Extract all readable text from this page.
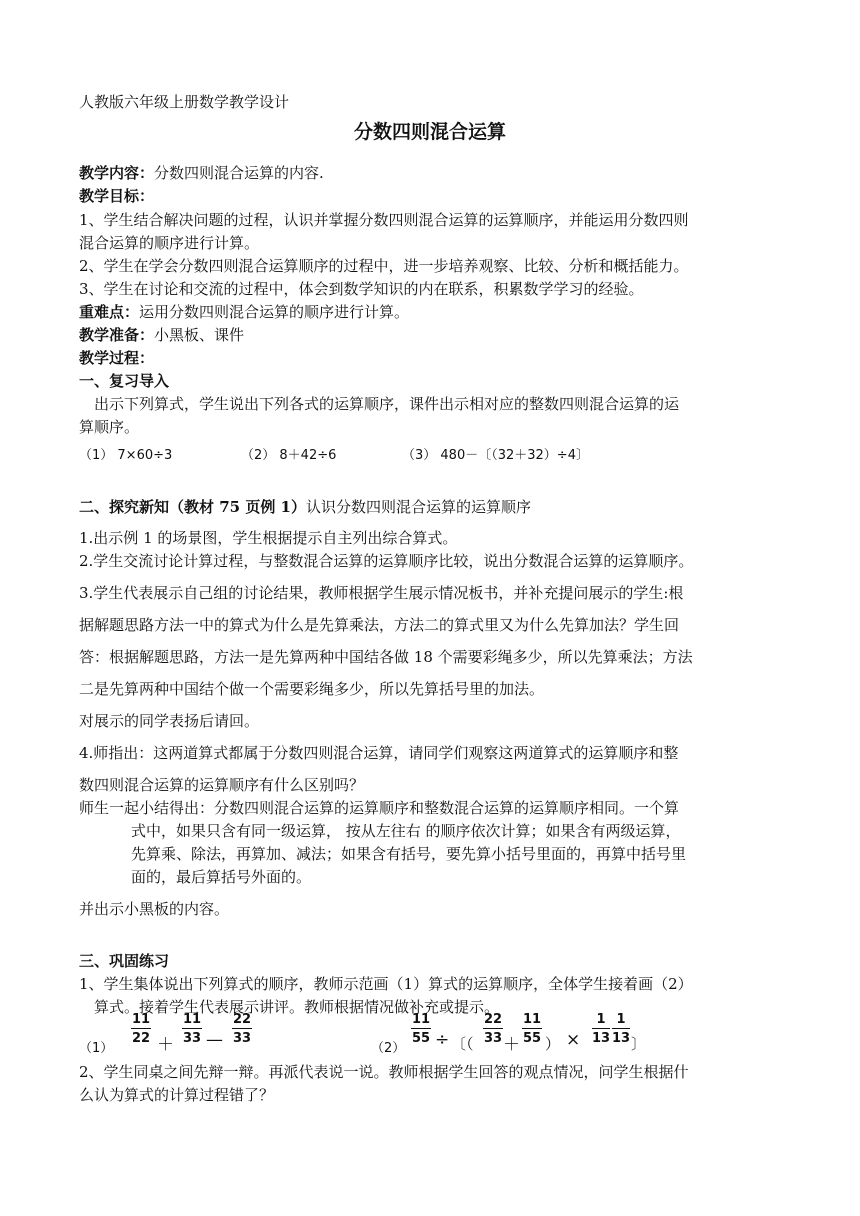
人教版六年级上册数学教学设计
分数四则混合运算
教学内容：分数四则混合运算的内容.
教学目标：
1、学生结合解决问题的过程，认识并掌握分数四则混合运算的运算顺序，并能运用分数四则
混合运算的顺序进行计算。
2、学生在学会分数四则混合运算顺序的过程中，进一步培养观察、比较、分析和概括能力。
3、学生在讨论和交流的过程中，体会到数学知识的内在联系，积累数学学习的经验。
重难点：运用分数四则混合运算的顺序进行计算。
教学准备：小黑板、课件
教学过程：
一、复习导入
出示下列算式，学生说出下列各式的运算顺序，课件出示相对应的整数四则混合运算的运
算顺序。
（1） 7×60÷3	（2） 8＋42÷6	（3） 480－〔（32＋32）÷4〕
二、探究新知（教材 75 页例 1）认识分数四则混合运算的运算顺序
1.出示例 1 的场景图，学生根据提示自主列出综合算式。
2.学生交流讨论计算过程，与整数混合运算的运算顺序比较，说出分数混合运算的运算顺序。
3.学生代表展示自己组的讨论结果，教师根据学生展示情况板书，并补充提问展示的学生:根
据解题思路方法一中的算式为什么是先算乘法，方法二的算式里又为什么先算加法？学生回
答：根据解题思路，方法一是先算两种中国结各做 18 个需要彩绳多少，所以先算乘法；方法
二是先算两种中国结个做一个需要彩绳多少，所以先算括号里的加法。
对展示的同学表扬后请回。
4.师指出：这两道算式都属于分数四则混合运算，请同学们观察这两道算式的运算顺序和整
数四则混合运算的运算顺序有什么区别吗？
师生一起小结得出：分数四则混合运算的运算顺序和整数混合运算的运算顺序相同。一个算
式中，如果只含有同一级运算， 按从左往右 的顺序依次计算；如果含有两级运算，
先算乘、除法，再算加、减法；如果含有括号，要先算小括号里面的，再算中括号里
面的，最后算括号外面的。
并出示小黑板的内容。
三、巩固练习
1、学生集体说出下列算式的顺序，教师示范画（1）算式的运算顺序，全体学生接着画（2）
算式。接着学生代表展示讲评。教师根据情况做补充或提示。
（1）
$\frac{11}{22} + \frac{11}{33}$ — $\frac{22}{33}$
（2）
$\frac{11}{55}$ ÷ 〔（ $\frac{22}{33} + \frac{11}{55}$ ） × $\frac{1}{13} \frac{1}{13}$ 〕
2、学生同桌之间先辩一辩。再派代表说一说。教师根据学生回答的观点情况，问学生根据什
么认为算式的计算过程错了？
